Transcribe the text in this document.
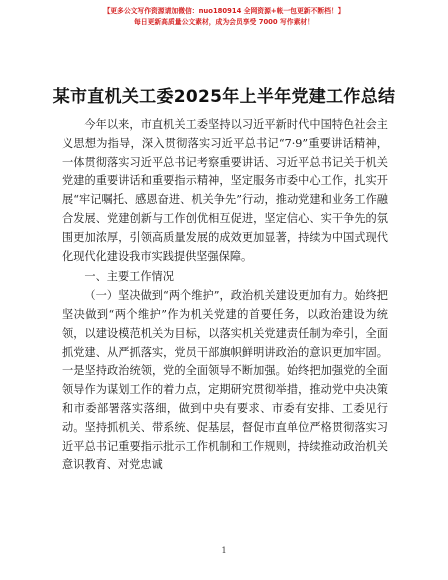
【更多公文写作资源请加微信：nuo180914 全网资源+帐一包更新不断档！】
每日更新高质量公文素材，成为会员享受 7000 写作素材！
某市直机关工委2025年上半年党建工作总结

今年以来，市直机关工委坚持以习近平新时代中国特色社会主义思想为指导，深入贯彻落实习近平总书记“7·9”重要讲话精神，一体贯彻落实习近平总书记考察重要讲话、习近平总书记关于机关党建的重要讲话和重要指示精神，坚定服务市委中心工作，扎实开展“牢记嘱托、感恩奋进、机关争先”行动，推动党建和业务工作融合发展、党建创新与工作创优相互促进，坚定信心、实干争先的氛围更加浓厚，引领高质量发展的成效更加显著，持续为中国式现代化现代化建设我市实践提供坚强保障。

一、主要工作情况

（一）坚决做到“两个维护”，政治机关建设更加有力。始终把坚决做到“两个维护”作为机关党建的首要任务，以政治建设为统领，以建设模范机关为目标，以落实机关党建责任制为牵引，全面抓党建、从严抓落实，党员干部旗帜鲜明讲政治的意识更加牢固。一是坚持政治统领，党的全面领导不断加强。始终把加强党的全面领导作为谋划工作的着力点，定期研究贯彻举措，推动党中央决策和市委部署落实落细，做到中央有要求、市委有安排、工委见行动。坚持抓机关、带系统、促基层，督促市直单位严格贯彻落实习近平总书记重要指示批示工作机制和工作规则，持续推动政治机关意识教育、对党忠诚

1
